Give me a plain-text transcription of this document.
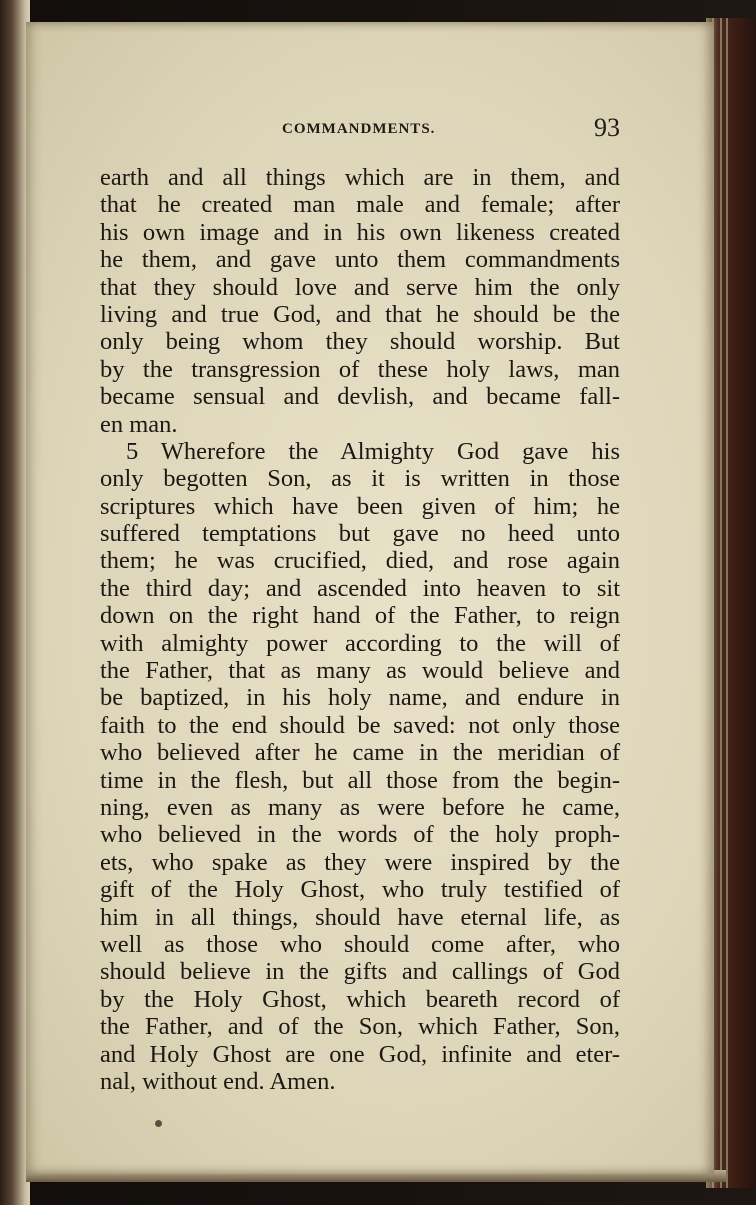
COMMANDMENTS.	93
earth and all things which are in them, and
that he created man male and female; after
his own image and in his own likeness created
he them, and gave unto them commandments
that they should love and serve him the only
living and true God, and that he should be the
only being whom they should worship. But
by the transgression of these holy laws, man
became sensual and devlish, and became fall-
en man.
5 Wherefore the Almighty God gave his
only begotten Son, as it is written in those
scriptures which have been given of him; he
suffered temptations but gave no heed unto
them; he was crucified, died, and rose again
the third day; and ascended into heaven to sit
down on the right hand of the Father, to reign
with almighty power according to the will of
the Father, that as many as would believe and
be baptized, in his holy name, and endure in
faith to the end should be saved: not only those
who believed after he came in the meridian of
time in the flesh, but all those from the begin-
ning, even as many as were before he came,
who believed in the words of the holy proph-
ets, who spake as they were inspired by the
gift of the Holy Ghost, who truly testified of
him in all things, should have eternal life, as
well as those who should come after, who
should believe in the gifts and callings of God
by the Holy Ghost, which beareth record of
the Father, and of the Son, which Father, Son,
and Holy Ghost are one God, infinite and eter-
nal, without end. Amen.
